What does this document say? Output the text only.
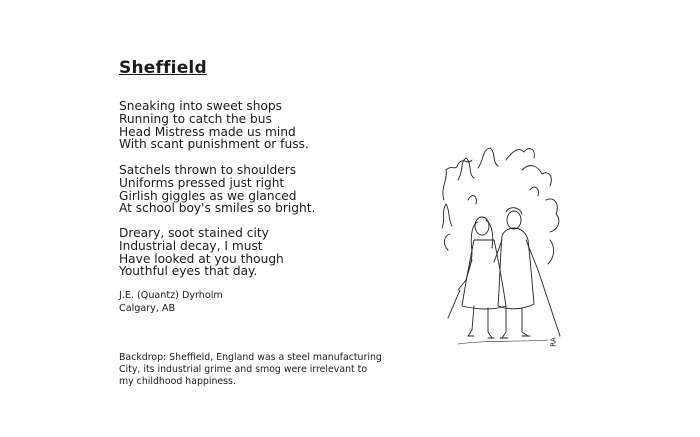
Sheffield
Sneaking into sweet shops
Running to catch the bus
Head Mistress made us mind
With scant punishment or fuss.
Satchels thrown to shoulders
Uniforms pressed just right
Girlish giggles as we glanced
At school boy's smiles so bright.
Dreary, soot stained city
Industrial decay, I must
Have looked at you though
Youthful eyes that day.
J.E. (Quantz) Dyrholm
Calgary, AB
Backdrop: Sheffield, England was a steel manufacturing
City, its industrial grime and smog were irrelevant to
my childhood happiness.
RA
